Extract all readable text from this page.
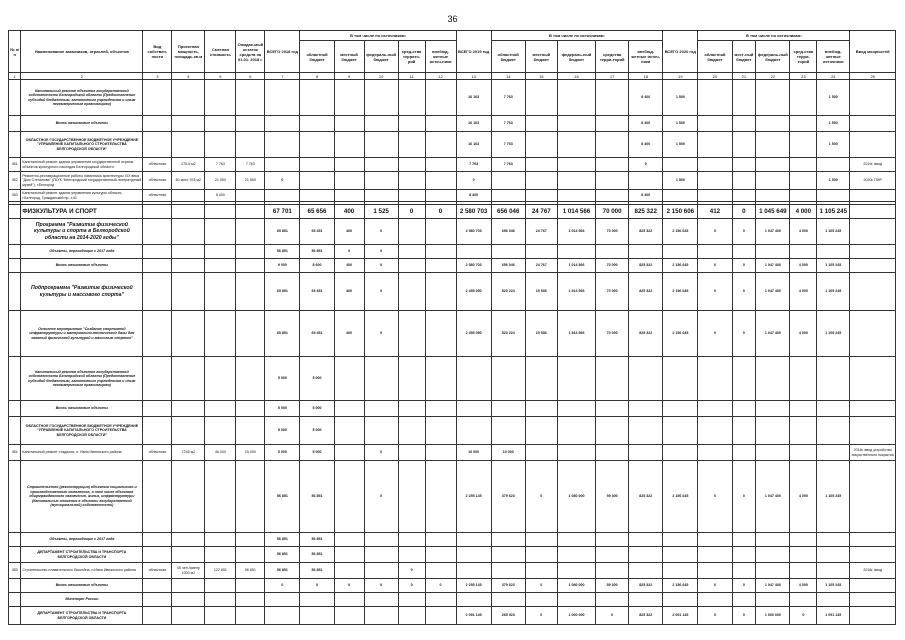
36
№ п/п	Наименование заказчиков, отраслей, объектов	Вид собствен-ности	Проектная мощность, площадь кв.м	Сметная стоимость	Ожидае-мый остаток средств на 01.01. 2018 г.	ВСЕГО 2018 год	В том числе по источникам:					ВСЕГО 2019 год	В том числе по источникам:					ВСЕГО 2020 год	В том числе по источникам:					Ввод мощностей
							областной бюджет	местный бюджет	федераль-ный бюджет	сред-ства террито-рий	внебюд-жетные источ-ники		областной бюджет	местный бюджет	федераль-ный бюджет	средства терри-торий	внебюд-жетные источ-ники		областной бюджет	мест-ный бюджет	федераль-ный бюджет	сред-ства терри-торий	внебюд-жетные источники	
1	2	3	4	5	6	7	8	9	10	11	12	13	14	15	16	17	18	19	20	21	22	23	24	25
	Капитальный ремонт объектов государственной собственности Белгородской области (Предоставление субсидий бюджетным, автономным учреждениям и иным некоммерческим организациям)											16 163	7 763				8 400	1 500					1 500	
	Вновь начинаемые объекты											16 163	7 763				8 400	1 500					1 500	
	ОБЛАСТНОЕ ГОСУДАРСТВЕННОЕ БЮДЖЕТНОЕ УЧРЕЖДЕНИЕ "УПРАВЛЕНИЕ КАПИТАЛЬНОГО СТРОИТЕЛЬСТВА БЕЛГОРОДСКОЙ ОБЛАСТИ"											16 163	7 763				8 400	1 500					1 500	
451	Капитальный ремонт здания управления государственной охраны объектов культурного наследия Белгородской области	областная	275,5 м2	7 763	7 763							7 763	7 763				0							2019г. ввод
452	Ремонтно-реставрационные работы памятника архитектуры XIX века "Дом Степанова" (ГБУК "Белгородский государственный литературный музей"), г.Белгород	областная	80 мест 978 м2	21 550	21 550	0						0						1 500					1 500	2020г. ПИР
453	Капитальный ремонт здания управления культуры области, г.Белгород, Гражданский пр.-т,41	областная		8 400								8 400					8 400							

	ФИЗКУЛЬТУРА И СПОРТ					67 701	65 656	400	1 525	0	0	2 580 703	656 046	24 767	1 014 566	70 000	825 322	2 150 606	412	0	1 045 649	4 000	1 105 245	
	Программа "Развитие физической культуры и спорта в Белгородской области на 2014-2020 годы"					65 851	65 451	400	0			2 580 703	656 046	24 767	1 014 566	70 000	825 322	2 156 645	0	0	1 047 400	4 000	1 105 245	
	Объекты, переходящие с 2017 года					56 851	56 851	0	0															
	Вновь начинаемые объекты					9 000	8 600	400	0			2 580 703	656 046	24 767	1 014 566	70 000	825 322	2 156 645	0	0	1 047 400	4 000	1 105 245	
	Подпрограмма "Развитие физической культуры и массового спорта"					65 851	65 451	400	0			2 455 050	520 224	15 536	1 914 566	70 000	825 322	2 156 645	0	0	1 047 400	4 000	1 105 245	
	Основное мероприятие "Создание спортивной инфраструктуры и материально-технической базы для занятий физической культурой и массовым спортом"					65 851	65 451	400	0			2 455 050	520 224	15 536	1 814 566	70 000	825 322	2 156 645	0	0	1 047 400	4 000	1 105 245	
	Капитальный ремонт объектов государственной собственности Белгородской области (Предоставление субсидий бюджетным, автономным учреждениям и иным некоммерческим организациям)					5 000	5 000																	
	Вновь начинаемые объекты					5 000	5 000																	
	ОБЛАСТНОЕ ГОСУДАРСТВЕННОЕ БЮДЖЕТНОЕ УЧРЕЖДЕНИЕ "УПРАВЛЕНИЕ КАПИТАЛЬНОГО СТРОИТЕЛЬСТВА БЕЛГОРОДСКОЙ ОБЛАСТИ"					5 000	5 000																	
454	Капитальный ремонт стадиона, п. Ивня Ивнянского района	областная	7245 м2	46 000	15 000	5 000	5 000		0			10 000	10 000											2018г. ввод устройство искусственного покрытия
	Строительство (реконструкция) объектов социального и производственного комплексов, в том числе объектов общегражданского назначения, жилья, инфраструктуры (Капитальные вложения в объекты государственной (муниципальной) собственности)					56 851	56 851		0			2 255 145	379 623	0	1 080 000	59 300	825 322	2 156 645	0	0	1 047 400	4 000	1 105 245	
	Объекты, переходящие с 2017 года					56 851	56 851																	
	ДЕПАРТАМЕНТ СТРОИТЕЛЬСТВА И ТРАНСПОРТА БЕЛГОРОДСКОЙ ОБЛАСТИ					56 851	56 851																	
455	Строительство плавательного бассейна, п.Ивня Ивнянского района	областная	45 чел./смену 1000 м2	122 651	56 851	56 851	56 851			0														2018г. ввод
	Вновь начинаемые объекты					0	0	0	0	0	0	2 255 145	379 623	0	1 080 000	59 300	825 322	2 156 645	0	0	1 047 400	4 000	1 105 245	
	Минспорт России																							
	ДЕПАРТАМЕНТ СТРОИТЕЛЬСТВА И ТРАНСПОРТА БЕЛГОРОДСКОЙ ОБЛАСТИ											2 091 145	265 923	0	1 000 000	0	825 322	2 091 145	0	0	1 000 000	0	1 091 145	
